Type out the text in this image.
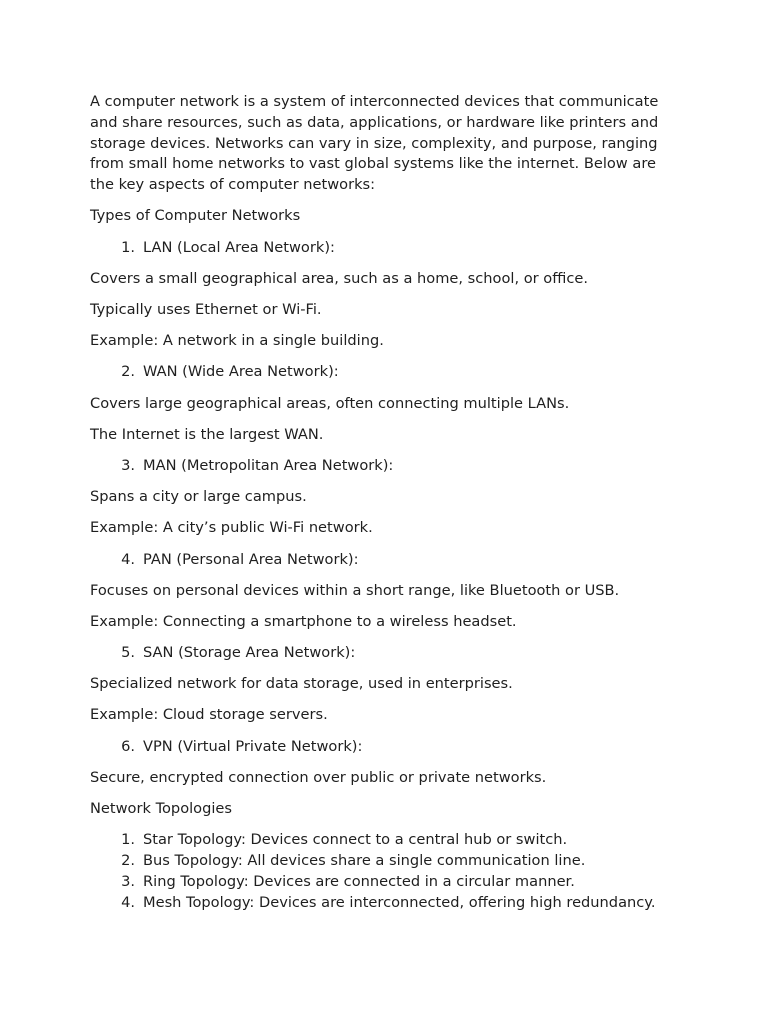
A computer network is a system of interconnected devices that communicate and share resources, such as data, applications, or hardware like printers and storage devices. Networks can vary in size, complexity, and purpose, ranging from small home networks to vast global systems like the internet. Below are the key aspects of computer networks:

Types of Computer Networks

1. LAN (Local Area Network):

Covers a small geographical area, such as a home, school, or office.

Typically uses Ethernet or Wi-Fi.

Example: A network in a single building.

2. WAN (Wide Area Network):

Covers large geographical areas, often connecting multiple LANs.

The Internet is the largest WAN.

3. MAN (Metropolitan Area Network):

Spans a city or large campus.

Example: A city’s public Wi-Fi network.

4. PAN (Personal Area Network):

Focuses on personal devices within a short range, like Bluetooth or USB.

Example: Connecting a smartphone to a wireless headset.

5. SAN (Storage Area Network):

Specialized network for data storage, used in enterprises.

Example: Cloud storage servers.

6. VPN (Virtual Private Network):

Secure, encrypted connection over public or private networks.

Network Topologies

1. Star Topology: Devices connect to a central hub or switch.
2. Bus Topology: All devices share a single communication line.
3. Ring Topology: Devices are connected in a circular manner.
4. Mesh Topology: Devices are interconnected, offering high redundancy.
